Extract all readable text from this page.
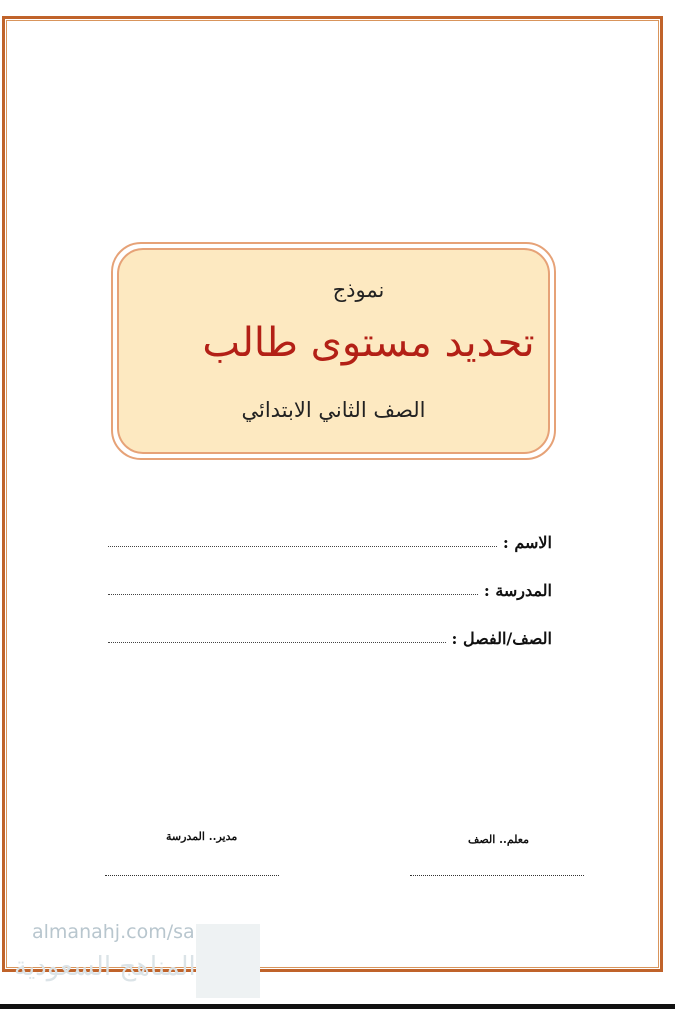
نموذج
تحديد مستوى طالب
الصف الثاني الابتدائي
الاسم :
المدرسة :
الصف/الفصل :
معلم.. الصف
مدير.. المدرسة
almanahj.com/sa
المناهج السعودية
